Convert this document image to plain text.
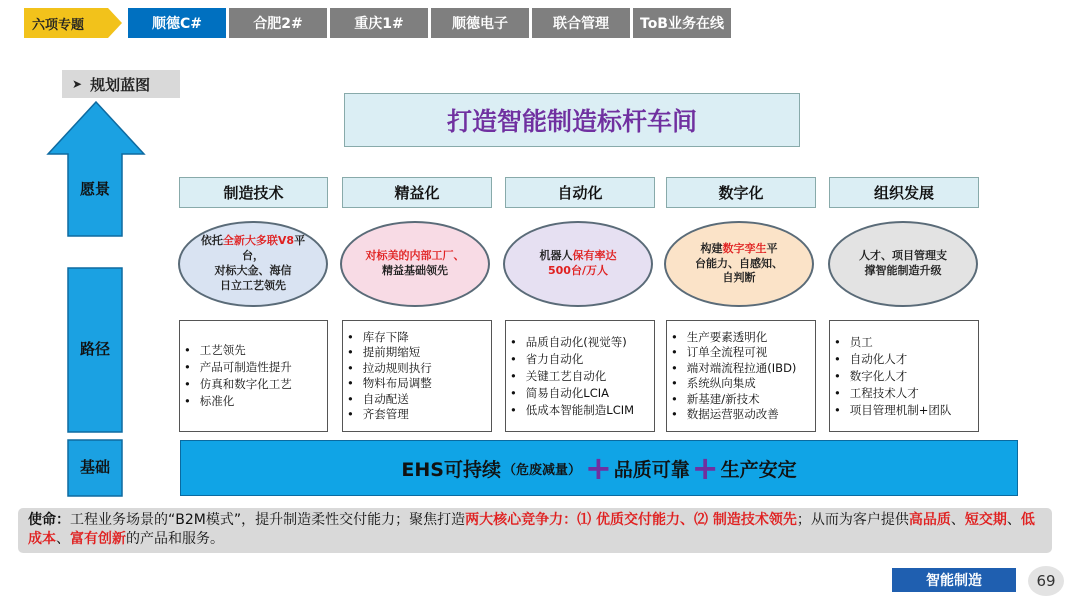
六项专题	顺德C#	合肥2#	重庆1#	顺德电子	联合管理	ToB业务在线
➤ 规划蓝图
打造智能制造标杆车间
愿景
路径
基础
制造技术	精益化	自动化	数字化	组织发展
依托全新大多联V8平台，
对标大金、海信
日立工艺领先
对标美的内部工厂、
精益基础领先
机器人保有率达
500台/万人
构建数字孪生平
台能力、自感知、
自判断
人才、项目管理支
撑智能制造升级
• 工艺领先
• 产品可制造性提升
• 仿真和数字化工艺
• 标准化
• 库存下降
• 提前期缩短
• 拉动规则执行
• 物料布局调整
• 自动配送
• 齐套管理
• 品质自动化(视觉等)
• 省力自动化
• 关键工艺自动化
• 简易自动化LCIA
• 低成本智能制造LCIM
• 生产要素透明化
• 订单全流程可视
• 端对端流程拉通(IBD)
• 系统纵向集成
• 新基建/新技术
• 数据运营驱动改善
• 员工
• 自动化人才
• 数字化人才
• 工程技术人才
• 项目管理机制+团队
EHS可持续 （危废减量） + 品质可靠 + 生产安定
使命：工程业务场景的“B2M模式”，提升制造柔性交付能力；聚焦打造两大核心竞争力：⑴ 优质交付能力、⑵ 制造技术领先；从而为客户提供高品质、短交期、低成本、富有创新的产品和服务。
智能制造	69
